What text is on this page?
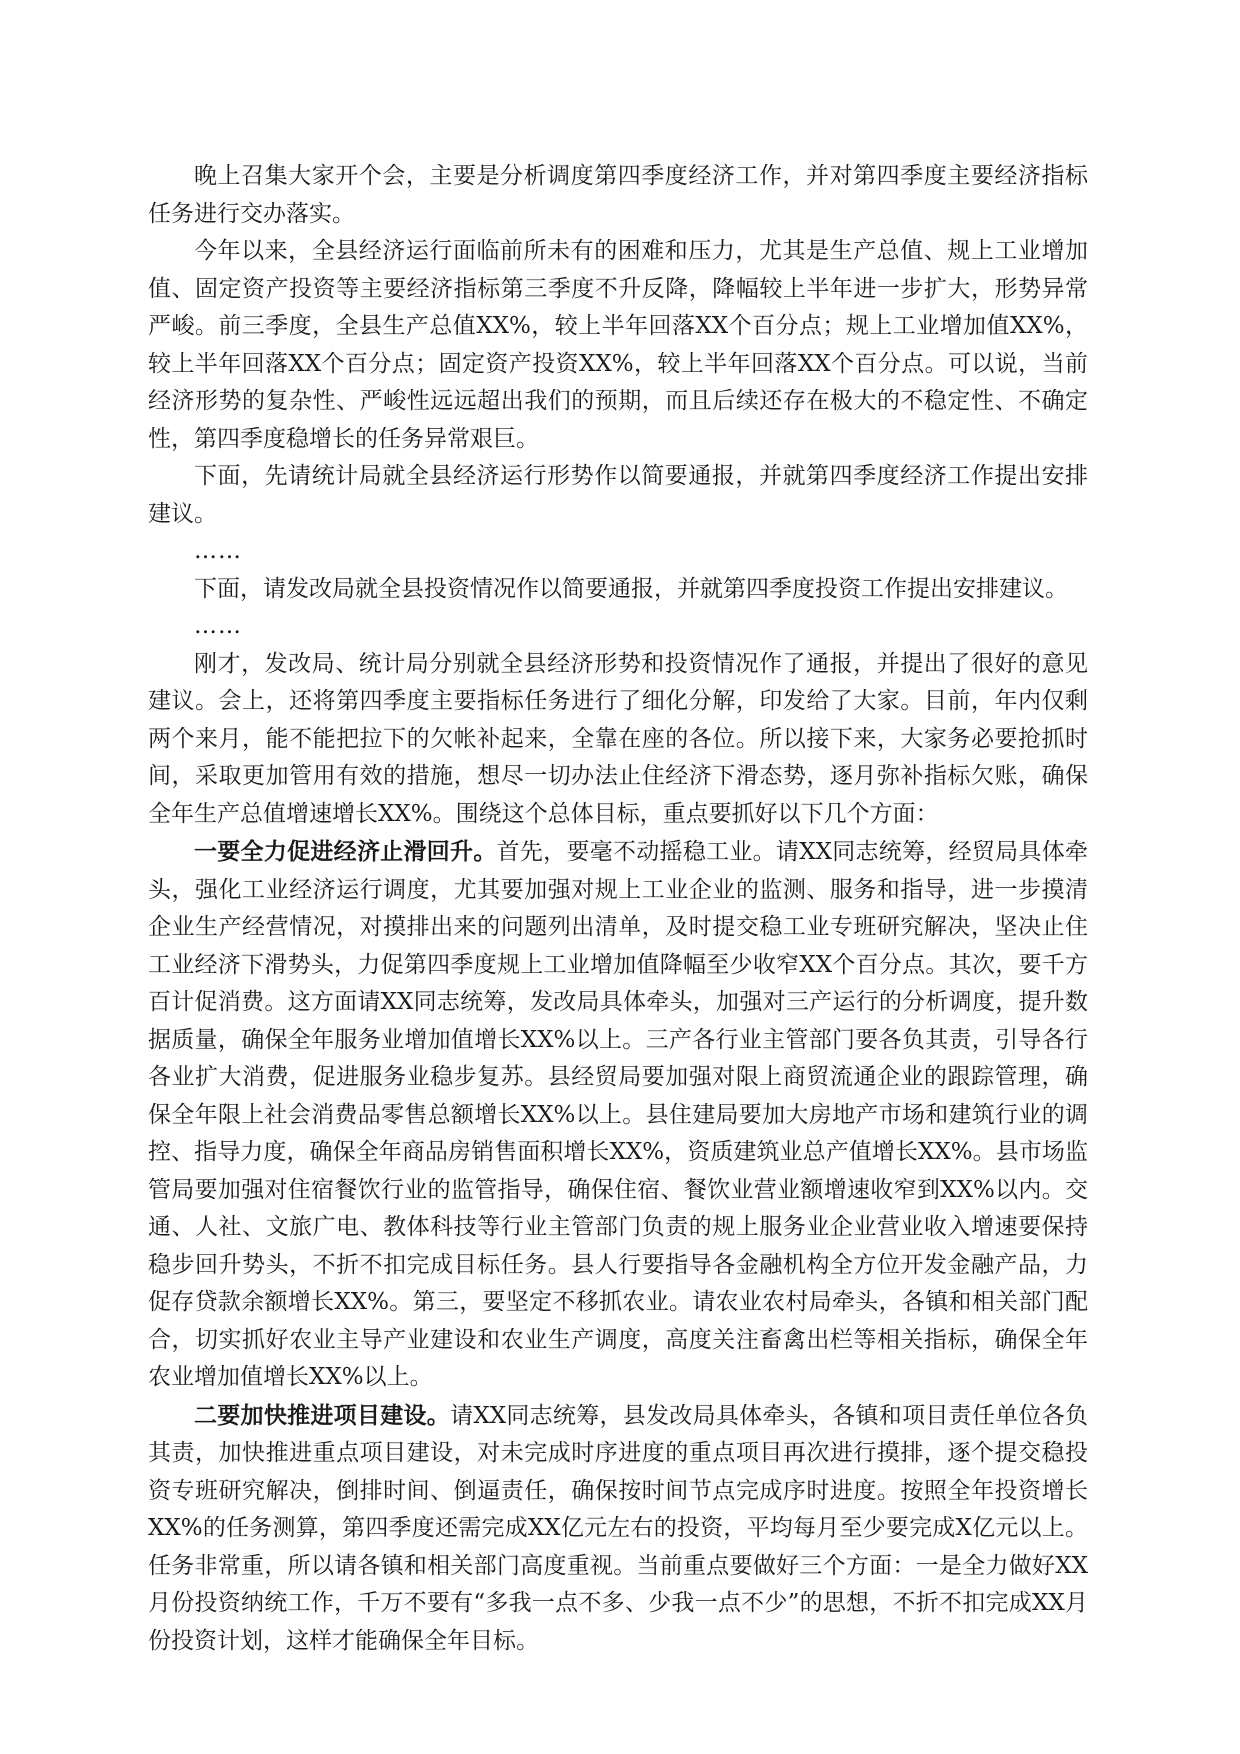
晚上召集大家开个会，主要是分析调度第四季度经济工作，并对第四季度主要经济指标任务进行交办落实。

今年以来，全县经济运行面临前所未有的困难和压力，尤其是生产总值、规上工业增加值、固定资产投资等主要经济指标第三季度不升反降，降幅较上半年进一步扩大，形势异常严峻。前三季度，全县生产总值XX%，较上半年回落XX个百分点；规上工业增加值XX%，较上半年回落XX个百分点；固定资产投资XX%，较上半年回落XX个百分点。可以说，当前经济形势的复杂性、严峻性远远超出我们的预期，而且后续还存在极大的不稳定性、不确定性，第四季度稳增长的任务异常艰巨。

下面，先请统计局就全县经济运行形势作以简要通报，并就第四季度经济工作提出安排建议。

……

下面，请发改局就全县投资情况作以简要通报，并就第四季度投资工作提出安排建议。

……

刚才，发改局、统计局分别就全县经济形势和投资情况作了通报，并提出了很好的意见建议。会上，还将第四季度主要指标任务进行了细化分解，印发给了大家。目前，年内仅剩两个来月，能不能把拉下的欠帐补起来，全靠在座的各位。所以接下来，大家务必要抢抓时间，采取更加管用有效的措施，想尽一切办法止住经济下滑态势，逐月弥补指标欠账，确保全年生产总值增速增长XX%。围绕这个总体目标，重点要抓好以下几个方面：

一要全力促进经济止滑回升。首先，要毫不动摇稳工业。请XX同志统筹，经贸局具体牵头，强化工业经济运行调度，尤其要加强对规上工业企业的监测、服务和指导，进一步摸清企业生产经营情况，对摸排出来的问题列出清单，及时提交稳工业专班研究解决，坚决止住工业经济下滑势头，力促第四季度规上工业增加值降幅至少收窄XX个百分点。其次，要千方百计促消费。这方面请XX同志统筹，发改局具体牵头，加强对三产运行的分析调度，提升数据质量，确保全年服务业增加值增长XX%以上。三产各行业主管部门要各负其责，引导各行各业扩大消费，促进服务业稳步复苏。县经贸局要加强对限上商贸流通企业的跟踪管理，确保全年限上社会消费品零售总额增长XX%以上。县住建局要加大房地产市场和建筑行业的调控、指导力度，确保全年商品房销售面积增长XX%，资质建筑业总产值增长XX%。县市场监管局要加强对住宿餐饮行业的监管指导，确保住宿、餐饮业营业额增速收窄到XX%以内。交通、人社、文旅广电、教体科技等行业主管部门负责的规上服务业企业营业收入增速要保持稳步回升势头，不折不扣完成目标任务。县人行要指导各金融机构全方位开发金融产品，力促存贷款余额增长XX%。第三，要坚定不移抓农业。请农业农村局牵头，各镇和相关部门配合，切实抓好农业主导产业建设和农业生产调度，高度关注畜禽出栏等相关指标，确保全年农业增加值增长XX%以上。

二要加快推进项目建设。请XX同志统筹，县发改局具体牵头，各镇和项目责任单位各负其责，加快推进重点项目建设，对未完成时序进度的重点项目再次进行摸排，逐个提交稳投资专班研究解决，倒排时间、倒逼责任，确保按时间节点完成序时进度。按照全年投资增长XX%的任务测算，第四季度还需完成XX亿元左右的投资，平均每月至少要完成X亿元以上。任务非常重，所以请各镇和相关部门高度重视。当前重点要做好三个方面：一是全力做好XX月份投资纳统工作，千万不要有“多我一点不多、少我一点不少”的思想，不折不扣完成XX月份投资计划，这样才能确保全年目标。
